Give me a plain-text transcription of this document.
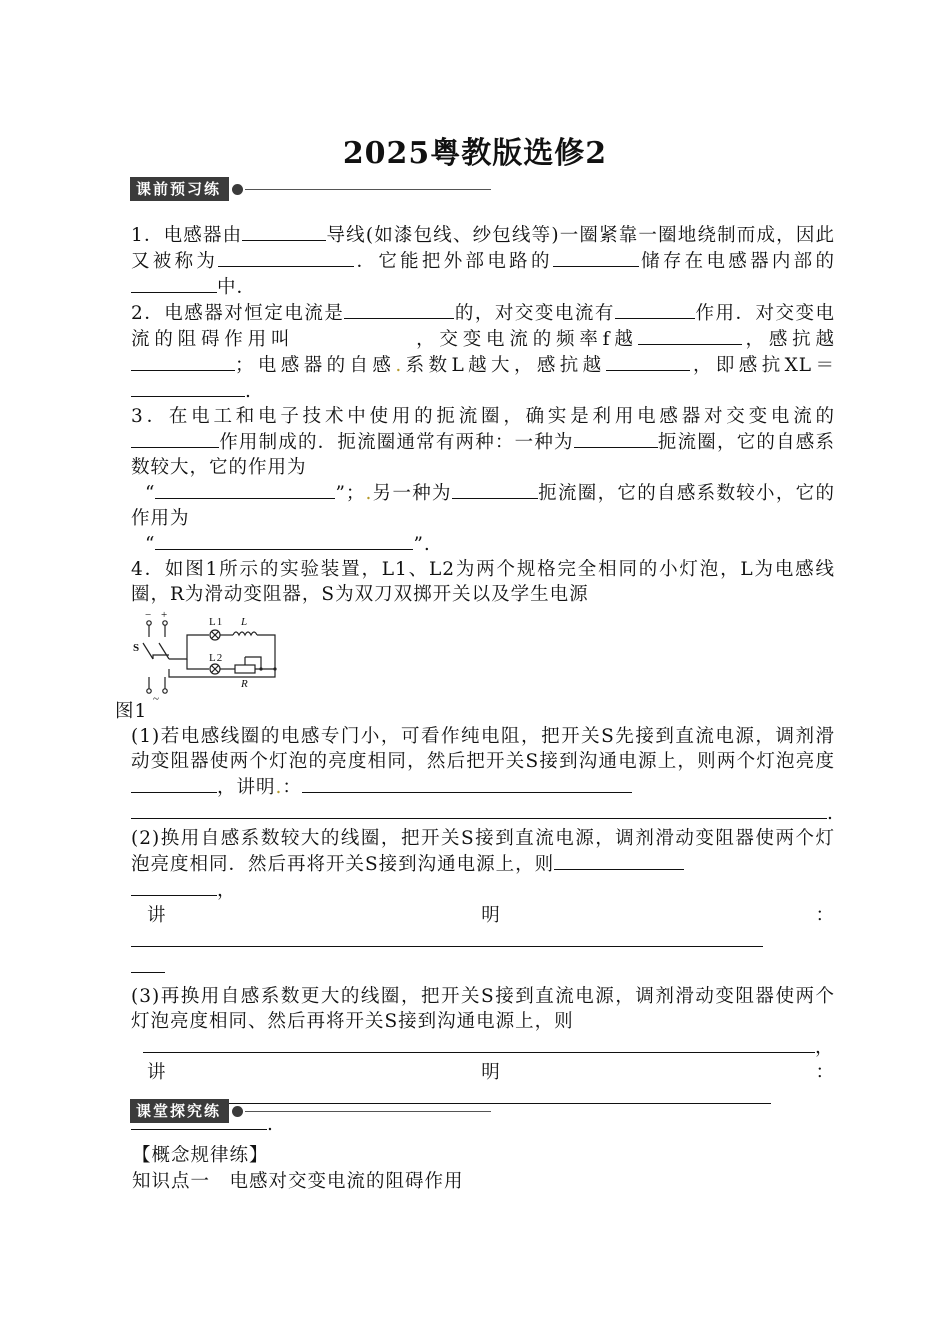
2025粤教版选修2
课前预习练

1．电感器由	导线(如漆包线、纱包线等)一圈紧靠一圈地绕制而成，因此又被称为	．它能把外部电路的	储存在电感器内部的中．

2．电感器对恒定电流是	的，对交变电流有	作用．对交变电流的阻碍作用叫	，交变电流的频率f越	，感抗越；电感器的自感.系数L越大，感抗越	，即感抗XL＝.

3．在电工和电子技术中使用的扼流圈，确实是利用电感器对交变电流的作用制成的．扼流圈通常有两种：一种为	扼流圈，它的自感系数较大，它的作用为
“	”；.另一种为	扼流圈，它的自感系数较小，它的作用为
“	”.

4．如图1所示的实验装置，L1、L2为两个规格完全相同的小灯泡，L为电感线圈，R为滑动变阻器，S为双刀双掷开关以及学生电源

S
− +
~
L1
L2
L
R

图1

(1)若电感线圈的电感专门小，可看作纯电阻，把开关S先接到直流电源，调剂滑动变阻器使两个灯泡的亮度相同，然后把开关S接到沟通电源上，则两个灯泡亮度，讲明.：
.

(2)换用自感系数较大的线圈，把开关S接到直流电源，调剂滑动变阻器使两个灯泡亮度相同．然后再将开关S接到沟通电源上，则
，
讲明：

(3)再换用自感系数更大的线圈，把开关S接到直流电源，调剂滑动变阻器使两个灯泡亮度相同、然后再将开关S接到沟通电源上，则
，
讲明：
.

课堂探究练
【概念规律练】
知识点一　电感对交变电流的阻碍作用
